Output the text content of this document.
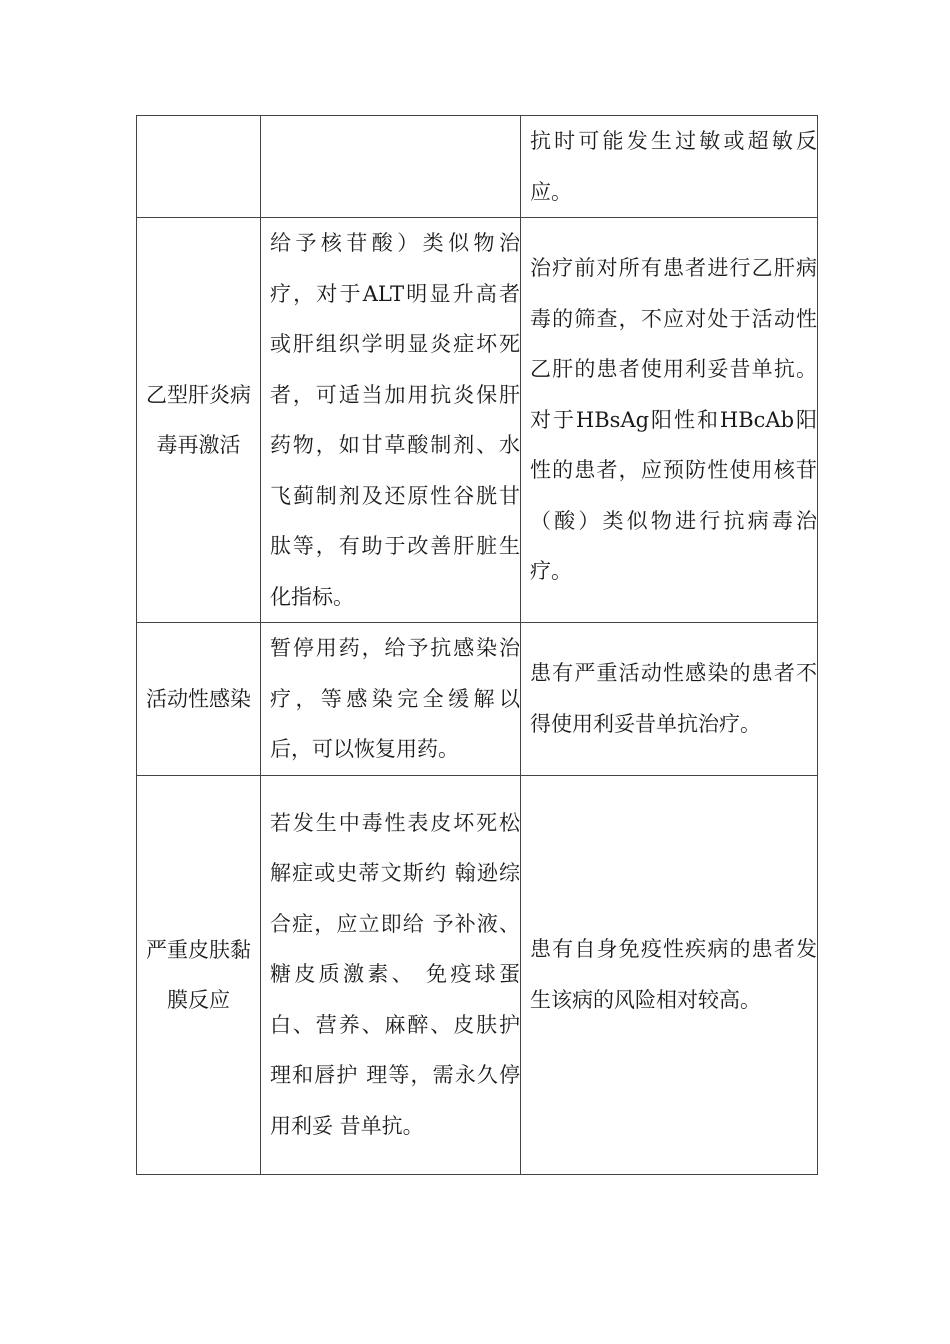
		抗时可能发生过敏或超敏反应。

乙型肝炎病毒再激活	给予核苷酸）类似物治疗，对于ALT明显升高者或肝组织学明显炎症坏死者，可适当加用抗炎保肝药物，如甘草酸制剂、水飞蓟制剂及还原性谷胱甘肽等，有助于改善肝脏生化指标。	治疗前对所有患者进行乙肝病毒的筛查，不应对处于活动性乙肝的患者使用利妥昔单抗。对于HBsAg阳性和HBcAb阳性的患者，应预防性使用核苷（酸）类似物进行抗病毒治疗。

活动性感染	暂停用药，给予抗感染治疗，等感染完全缓解以后，可以恢复用药。	患有严重活动性感染的患者不得使用利妥昔单抗治疗。

严重皮肤黏膜反应	若发生中毒性表皮坏死松解症或史蒂文斯约 翰逊综合症，应立即给 予补液、糖皮质激素、 免疫球蛋白、营养、麻醉、皮肤护理和唇护 理等，需永久停用利妥 昔单抗。	患有自身免疫性疾病的患者发生该病的风险相对较高。
